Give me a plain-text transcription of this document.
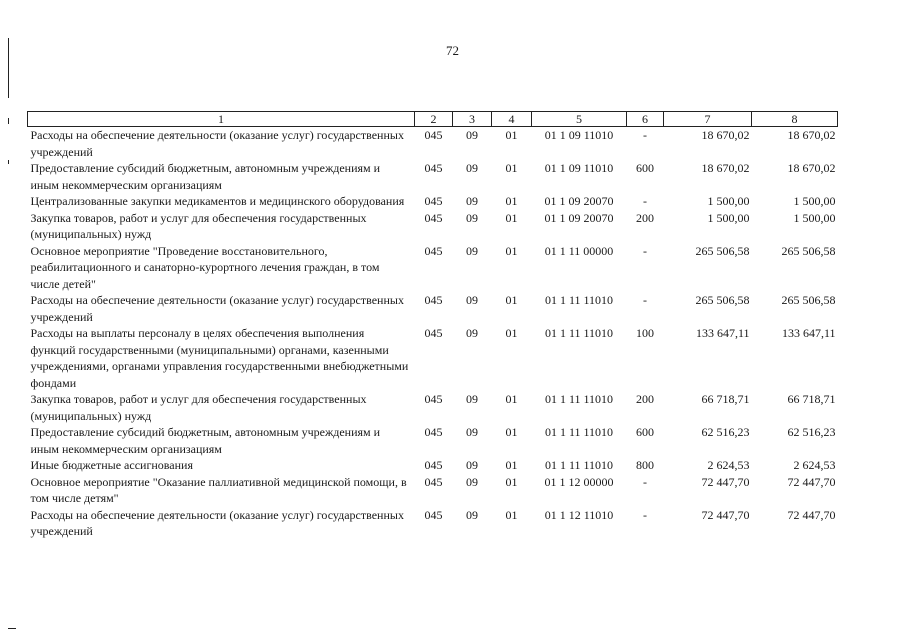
72
1	2	3	4	5	6	7	8
Расходы на обеспечение деятельности (оказание услуг) государственных учреждений	045	09	01	01 1 09 11010	-	18 670,02	18 670,02
Предоставление субсидий бюджетным, автономным учреждениям и иным некоммерческим организациям	045	09	01	01 1 09 11010	600	18 670,02	18 670,02
Централизованные закупки медикаментов и медицинского оборудования	045	09	01	01 1 09 20070	-	1 500,00	1 500,00
Закупка товаров, работ и услуг для обеспечения государственных (муниципальных) нужд	045	09	01	01 1 09 20070	200	1 500,00	1 500,00
Основное мероприятие "Проведение восстановительного, реабилитационного и санаторно-курортного лечения граждан, в том числе детей"	045	09	01	01 1 11 00000	-	265 506,58	265 506,58
Расходы на обеспечение деятельности (оказание услуг) государственных учреждений	045	09	01	01 1 11 11010	-	265 506,58	265 506,58
Расходы на выплаты персоналу в целях обеспечения выполнения функций государственными (муниципальными) органами, казенными учреждениями, органами управления государственными внебюджетными фондами	045	09	01	01 1 11 11010	100	133 647,11	133 647,11
Закупка товаров, работ и услуг для обеспечения государственных (муниципальных) нужд	045	09	01	01 1 11 11010	200	66 718,71	66 718,71
Предоставление субсидий бюджетным, автономным учреждениям и иным некоммерческим организациям	045	09	01	01 1 11 11010	600	62 516,23	62 516,23
Иные бюджетные ассигнования	045	09	01	01 1 11 11010	800	2 624,53	2 624,53
Основное мероприятие "Оказание паллиативной медицинской помощи, в том числе детям"	045	09	01	01 1 12 00000	-	72 447,70	72 447,70
Расходы на обеспечение деятельности (оказание услуг) государственных учреждений	045	09	01	01 1 12 11010	-	72 447,70	72 447,70
